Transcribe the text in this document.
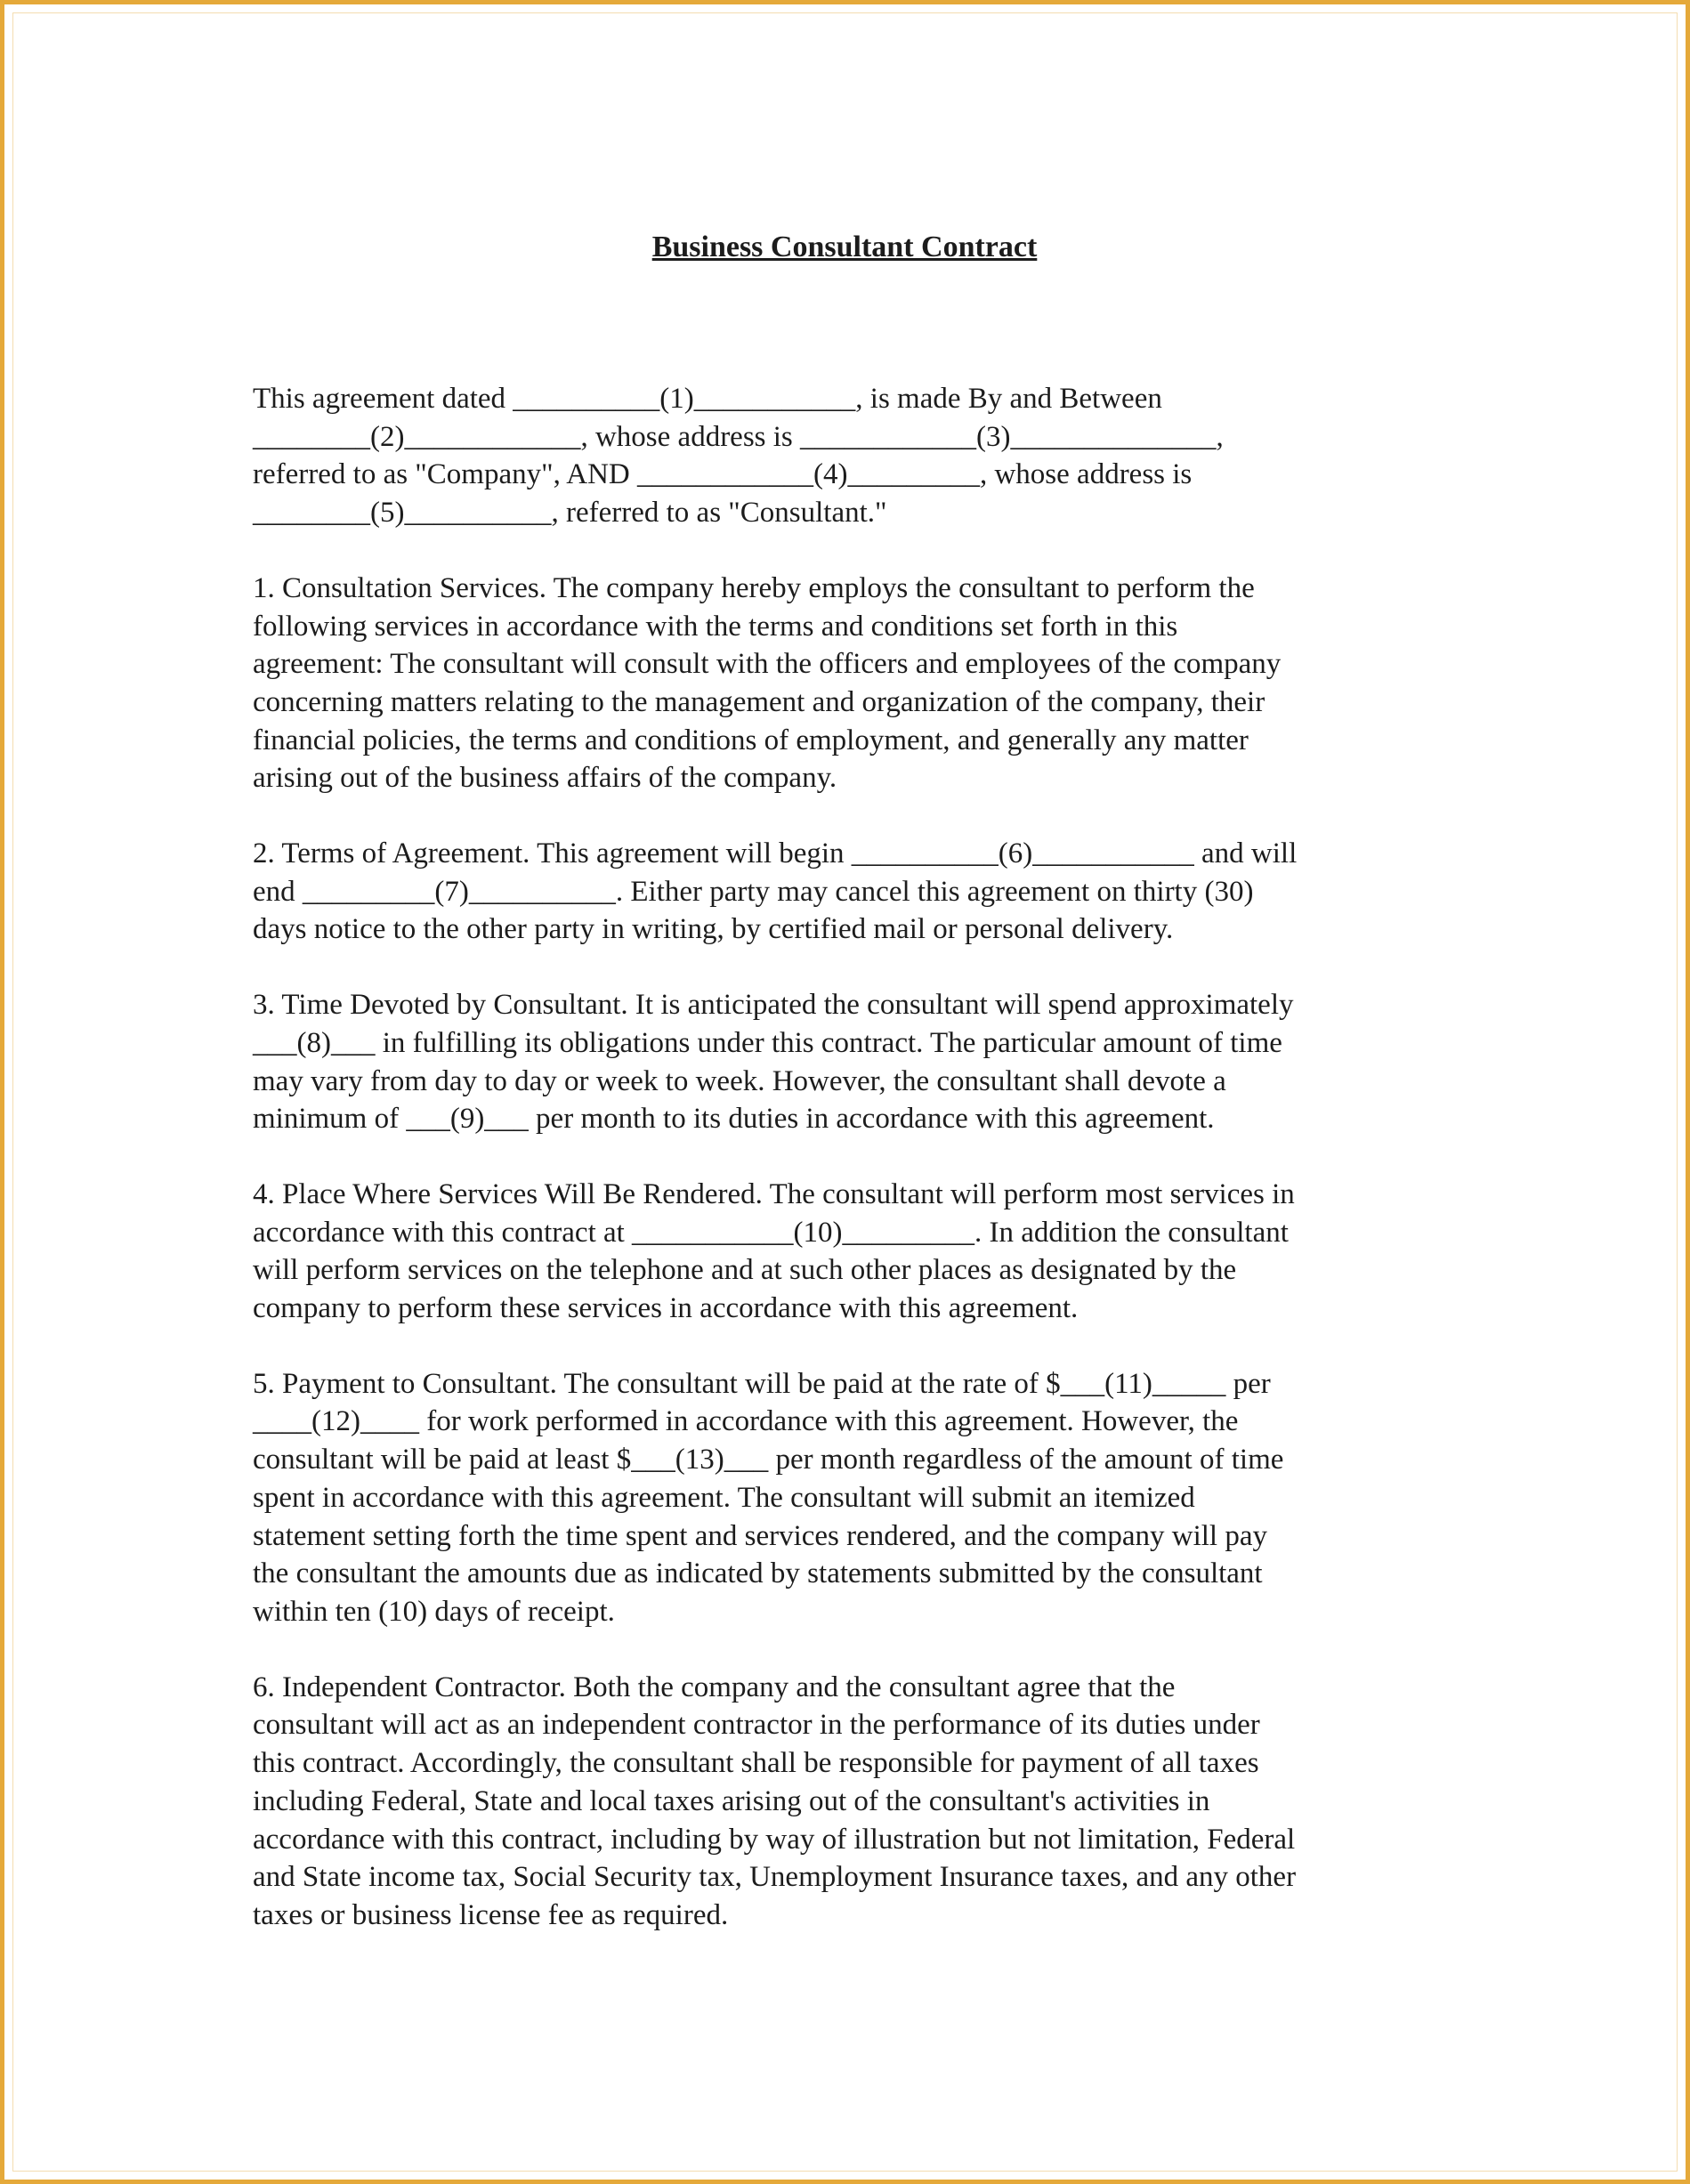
Business Consultant Contract
This agreement dated __________(1)___________, is made By and Between
________(2)____________, whose address is ____________(3)______________,
referred to as "Company", AND ____________(4)_________, whose address is
________(5)__________, referred to as "Consultant."
1. Consultation Services. The company hereby employs the consultant to perform the
following services in accordance with the terms and conditions set forth in this
agreement: The consultant will consult with the officers and employees of the company
concerning matters relating to the management and organization of the company, their
financial policies, the terms and conditions of employment, and generally any matter
arising out of the business affairs of the company.
2. Terms of Agreement. This agreement will begin __________(6)___________ and will
end _________(7)__________. Either party may cancel this agreement on thirty (30)
days notice to the other party in writing, by certified mail or personal delivery.
3. Time Devoted by Consultant. It is anticipated the consultant will spend approximately
___(8)___ in fulfilling its obligations under this contract. The particular amount of time
may vary from day to day or week to week. However, the consultant shall devote a
minimum of ___(9)___ per month to its duties in accordance with this agreement.
4. Place Where Services Will Be Rendered. The consultant will perform most services in
accordance with this contract at ___________(10)_________. In addition the consultant
will perform services on the telephone and at such other places as designated by the
company to perform these services in accordance with this agreement.
5. Payment to Consultant. The consultant will be paid at the rate of $___(11)_____ per
____(12)____ for work performed in accordance with this agreement. However, the
consultant will be paid at least $___(13)___ per month regardless of the amount of time
spent in accordance with this agreement. The consultant will submit an itemized
statement setting forth the time spent and services rendered, and the company will pay
the consultant the amounts due as indicated by statements submitted by the consultant
within ten (10) days of receipt.
6. Independent Contractor. Both the company and the consultant agree that the
consultant will act as an independent contractor in the performance of its duties under
this contract. Accordingly, the consultant shall be responsible for payment of all taxes
including Federal, State and local taxes arising out of the consultant's activities in
accordance with this contract, including by way of illustration but not limitation, Federal
and State income tax, Social Security tax, Unemployment Insurance taxes, and any other
taxes or business license fee as required.
